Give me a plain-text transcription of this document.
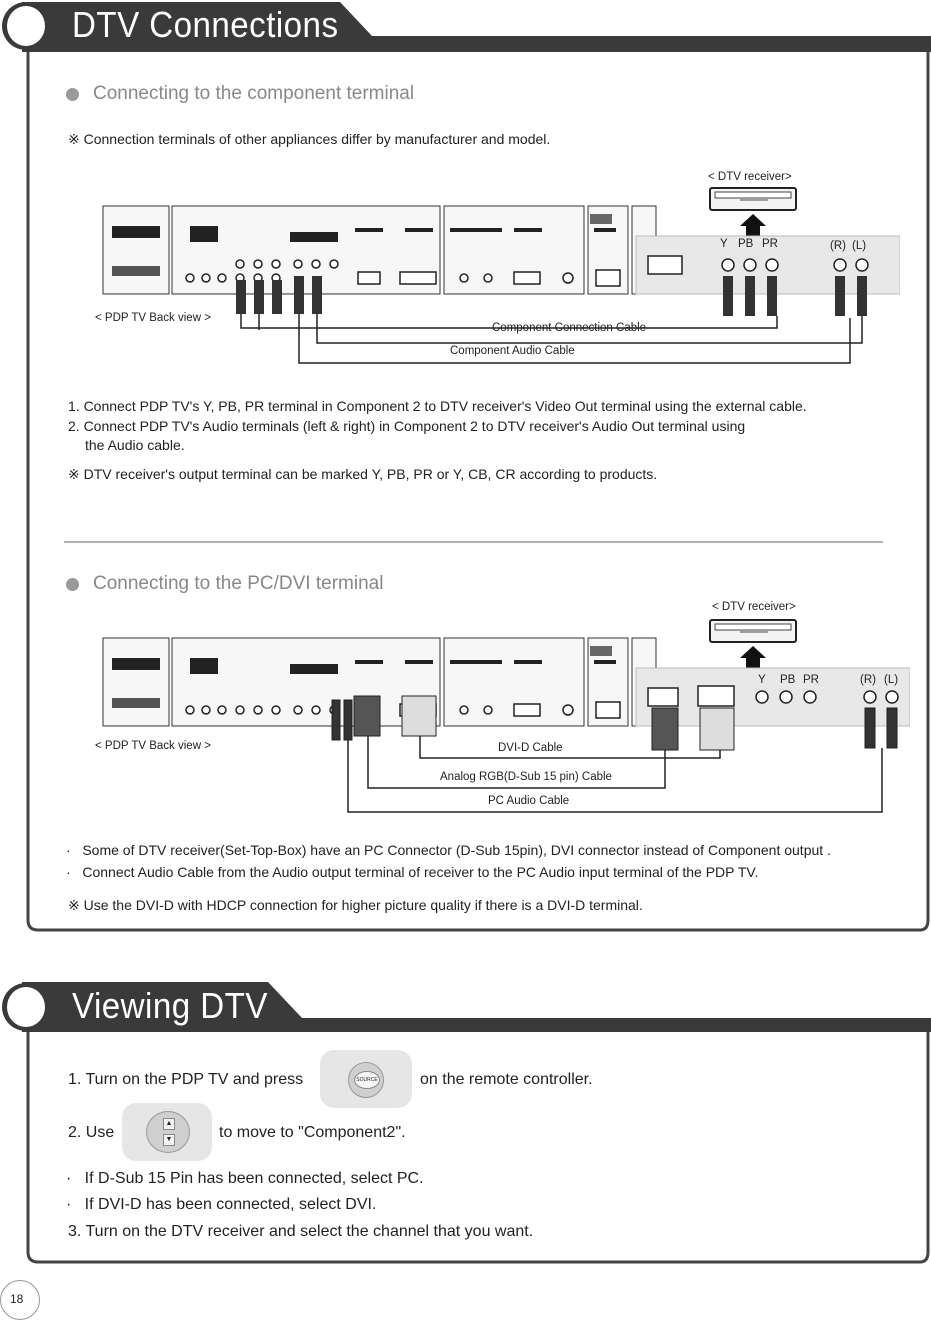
DTV Connections
Connecting to the component terminal
※ Connection terminals of other appliances differ by manufacturer and model.
< DTV receiver>
Y PB PR	(R) (L)
< PDP TV Back view >
Component Connection Cable
Component Audio Cable
1. Connect PDP TV's Y, PB, PR terminal in Component 2 to DTV receiver's Video Out terminal using the external cable.
2. Connect PDP TV's Audio terminals (left & right) in Component 2 to DTV receiver's Audio Out terminal using
the Audio cable.
※ DTV receiver's output terminal can be marked Y, PB, PR or Y, CB, CR according to products.
Connecting to the PC/DVI terminal
< DTV receiver>
Y PB PR	(R) (L)
< PDP TV Back view >	DVI-D Cable
Analog RGB(D-Sub 15 pin) Cable
PC Audio Cable
·   Some of DTV receiver(Set-Top-Box) have an PC Connector (D-Sub 15pin), DVI connector instead of Component output .
·   Connect Audio Cable from the Audio output terminal of receiver to the PC Audio input terminal of the PDP TV.
※ Use the DVI-D with HDCP connection for higher picture quality if there is a DVI-D terminal.
Viewing DTV
1. Turn on the PDP TV and press	SOURCE	on the remote controller.
2. Use
▲
▼	to move to "Component2".
·   If D-Sub 15 Pin has been connected, select PC.
·   If DVI-D has been connected, select DVI.
3. Turn on the DTV receiver and select the channel that you want.
18
